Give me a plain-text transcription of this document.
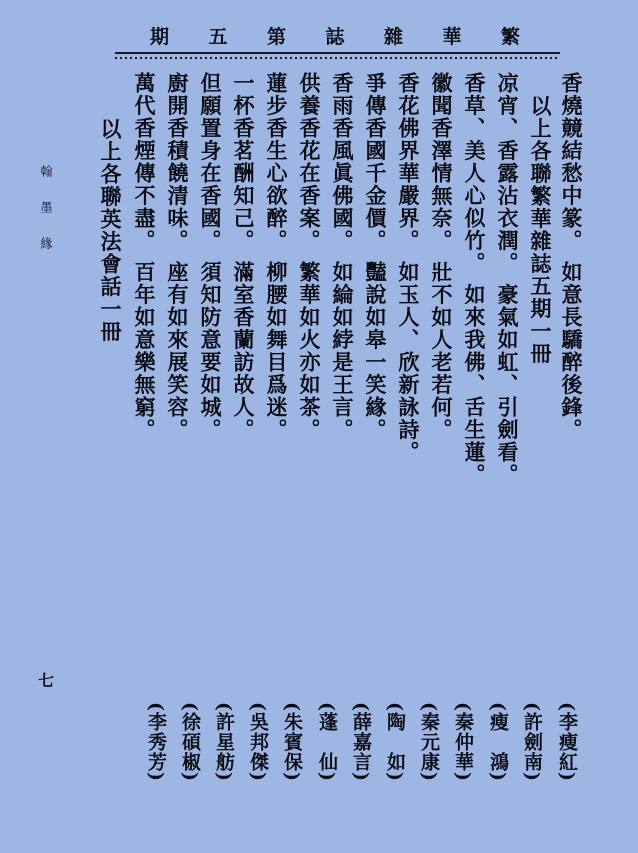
期 五 第 誌 雜 華 繁
香燒竸結愁中篆。 如意長驕醉後鋒。
以上各聯繁華雜誌五期一冊
凉宵、香露沾衣潤。 豪氣如虹、引劍看。
香草、美人心似竹。 如來我佛、舌生蓮。
徽聞香澤情無奈。 壯不如人老若何。
香花佛界華嚴界。 如玉人、欣新詠詩。
爭傳香國千金價。 豔說如皋一笑緣。
香雨香風眞佛國。 如綸如綍是王言。
供養香花在香案。 繁華如火亦如茶。
蓮步香生心欲醉。 柳腰如舞目爲迷。
一杯香茗酬知己。 滿室香蘭訪故人。
但願置身在香國。 須知防意要如城。
廚開香積饒清味。 座有如來展笑容。
萬代香煙傳不盡。 百年如意樂無窮。
以上各聯英法會話一冊
翰　墨　緣
七
(李瘦紅)
(許劍南)
(瘦　鴻)
(秦仲華)
(秦元康)
(陶　如)
(薛嘉言)
(蓬　仙)
(朱賓保)
(吳邦傑)
(許星舫)
(徐碩椒)
(李秀芳)
